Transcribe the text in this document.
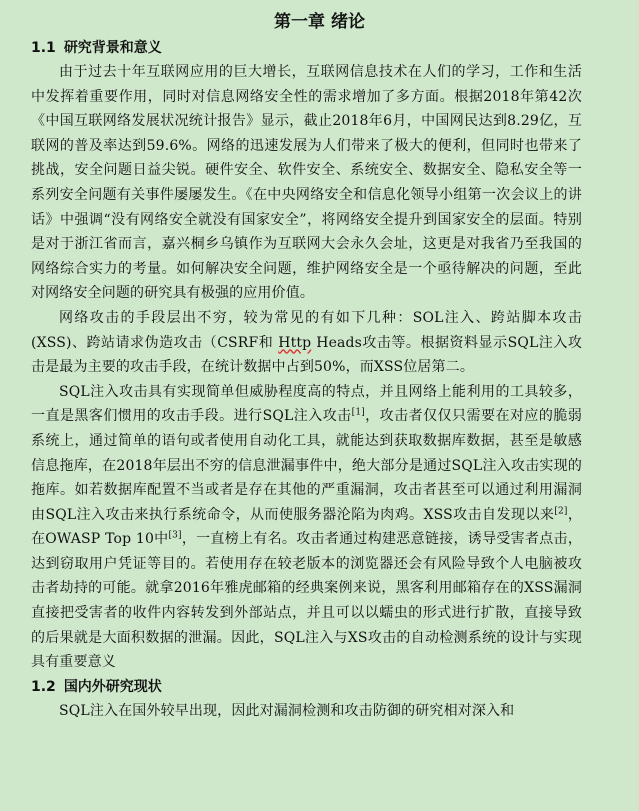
第一章 绪论
1.1 研究背景和意义

由于过去十年互联网应用的巨大增长，互联网信息技术在人们的学习，工作和生活中发挥着重要作用，同时对信息网络安全性的需求增加了多方面。根据2018年第42次《中国互联网络发展状况统计报告》显示，截止2018年6月，中国网民达到8.29亿，互联网的普及率达到59.6%。网络的迅速发展为人们带来了极大的便利，但同时也带来了挑战，安全问题日益尖锐。硬件安全、软件安全、系统安全、数据安全、隐私安全等一系列安全问题有关事件屡屡发生。《在中央网络安全和信息化领导小组第一次会议上的讲话》中强调“没有网络安全就没有国家安全”，将网络安全提升到国家安全的层面。特别是对于浙江省而言，嘉兴桐乡乌镇作为互联网大会永久会址，这更是对我省乃至我国的网络综合实力的考量。如何解决安全问题，维护网络安全是一个亟待解决的问题，至此对网络安全问题的研究具有极强的应用价值。

网络攻击的手段层出不穷，较为常见的有如下几种：SOL注入、跨站脚本攻击(XSS)、跨站请求伪造攻击（CSRF和 Http Heads攻击等。根据资料显示SQL注入攻击是最为主要的攻击手段，在统计数据中占到50%，而XSS位居第二。

SQL注入攻击具有实现简单但威胁程度高的特点，并且网络上能利用的工具较多，一直是黑客们惯用的攻击手段。进行SQL注入攻击[1]，攻击者仅仅只需要在对应的脆弱系统上，通过简单的语句或者使用自动化工具，就能达到获取数据库数据，甚至是敏感信息拖库，在2018年层出不穷的信息泄漏事件中，绝大部分是通过SQL注入攻击实现的拖库。如若数据库配置不当或者是存在其他的严重漏洞，攻击者甚至可以通过利用漏洞由SQL注入攻击来执行系统命令，从而使服务器沦陷为肉鸡。XSS攻击自发现以来[2]，在OWASP Top 10中[3]，一直榜上有名。攻击者通过构建恶意链接，诱导受害者点击，达到窃取用户凭证等目的。若使用存在较老版本的浏览器还会有风险导致个人电脑被攻击者劫持的可能。就拿2016年雅虎邮箱的经典案例来说，黑客利用邮箱存在的XSS漏洞直接把受害者的收件内容转发到外部站点，并且可以以蠕虫的形式进行扩散，直接导致的后果就是大面积数据的泄漏。因此，SQL注入与XS攻击的自动检测系统的设计与实现具有重要意义

1.2 国内外研究现状

SQL注入在国外较早出现，因此对漏洞检测和攻击防御的研究相对深入和
